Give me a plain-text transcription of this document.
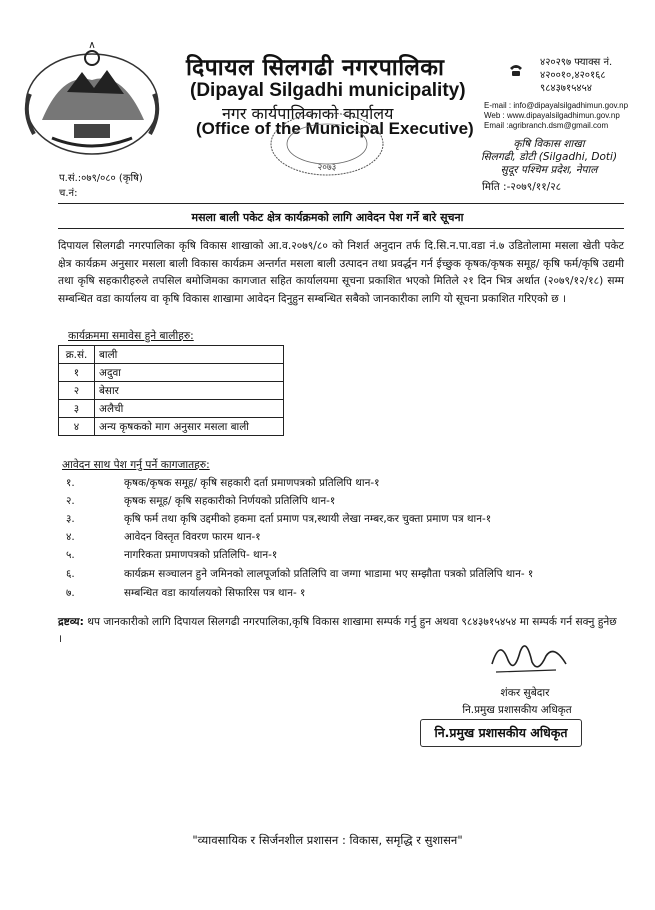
दिपायल सिलगढी नगरपालिका
(Dipayal Silgadhi municipality)
नगर कार्यपालिकाको कार्यालय
(Office of the Municipal Executive)
२०७३
४२०२९७ फ्याक्स नं.
४२००१०,४२०१६८
९८४३७१५४५४
E-mail : info@dipayalsilgadhimun.gov.np
Web : www.dipayalsilgadhimun.gov.np
Email :agribranch.dsm@gmail.com
कृषि विकास शाखा
सिलगढी, डोटी (Silgadhi, Doti)
सुदूर पश्चिम प्रदेश, नेपाल
मिति :-२०७९/११/२८
प.सं.:०७९/०८० (कृषि)
च.नं:
मसला बाली पकेट क्षेत्र कार्यक्रमको लागि आवेदन पेश गर्ने बारे सूचना
दिपायल सिलगढी नगरपालिका कृषि विकास शाखाको आ.व.२०७९/८० को निशर्त अनुदान तर्फ दि.सि.न.पा.वडा नं.७ उडितोलामा मसला खेती पकेट क्षेत्र कार्यक्रम अनुसार मसला बाली विकास कार्यक्रम अन्तर्गत मसला बाली उत्पादन तथा प्रवर्द्धन गर्न ईच्छुक कृषक/कृषक समूह/ कृषि फर्म/कृषि उद्यमी तथा कृषि सहकारीहरुले तपसिल बमोजिमका कागजात सहित कार्यालयमा सूचना प्रकाशित भएको मितिले २१ दिन भित्र अर्थात (२०७९/१२/१८) सम्म सम्बन्धित वडा कार्यालय वा कृषि विकास शाखामा आवेदन दिनुहुन सम्बन्धित सबैको जानकारीका लागि यो सूचना प्रकाशित गरिएको छ ।
कार्यक्रममा समावेस हुने बालीहरु:
क्र.सं.	बाली
१	अदुवा
२	बेसार
३	अलैची
४	अन्य कृषकको माग अनुसार मसला बाली
आवेदन साथ पेश गर्नु पर्ने कागजातहरु:
१.	कृषक/कृषक समूह/ कृषि सहकारी दर्ता प्रमाणपत्रको प्रतिलिपि थान-१
२.	कृषक समूह/ कृषि सहकारीको निर्णयको प्रतिलिपि थान-१
३.	कृषि फर्म तथा कृषि उद्दमीको हकमा दर्ता प्रमाण पत्र,स्थायी लेखा नम्बर,कर चुक्ता प्रमाण पत्र थान-१
४.	आवेदन विस्तृत विवरण फारम थान-१
५.	नागरिकता प्रमाणपत्रको प्रतिलिपि- थान-१
६.	कार्यक्रम सञ्चालन हुने जमिनको लालपूर्जाको प्रतिलिपि वा जग्गा भाडामा भए सम्झौता पत्रको प्रतिलिपि थान- १
७.	सम्बन्धित वडा कार्यालयको सिफारिस पत्र थान- १
द्रष्टव्य: थप जानकारीको लागि दिपायल सिलगढी नगरपालिका,कृषि विकास शाखामा सम्पर्क गर्नु हुन अथवा ९८४३७१५४५४ मा सम्पर्क गर्न सक्नु हुनेछ ।
शंकर सुबेदार
नि.प्रमुख प्रशासकीय अधिकृत
नि.प्रमुख प्रशासकीय अधिकृत
"व्यावसायिक र सिर्जनशील प्रशासन : विकास, समृद्धि र सुशासन"
